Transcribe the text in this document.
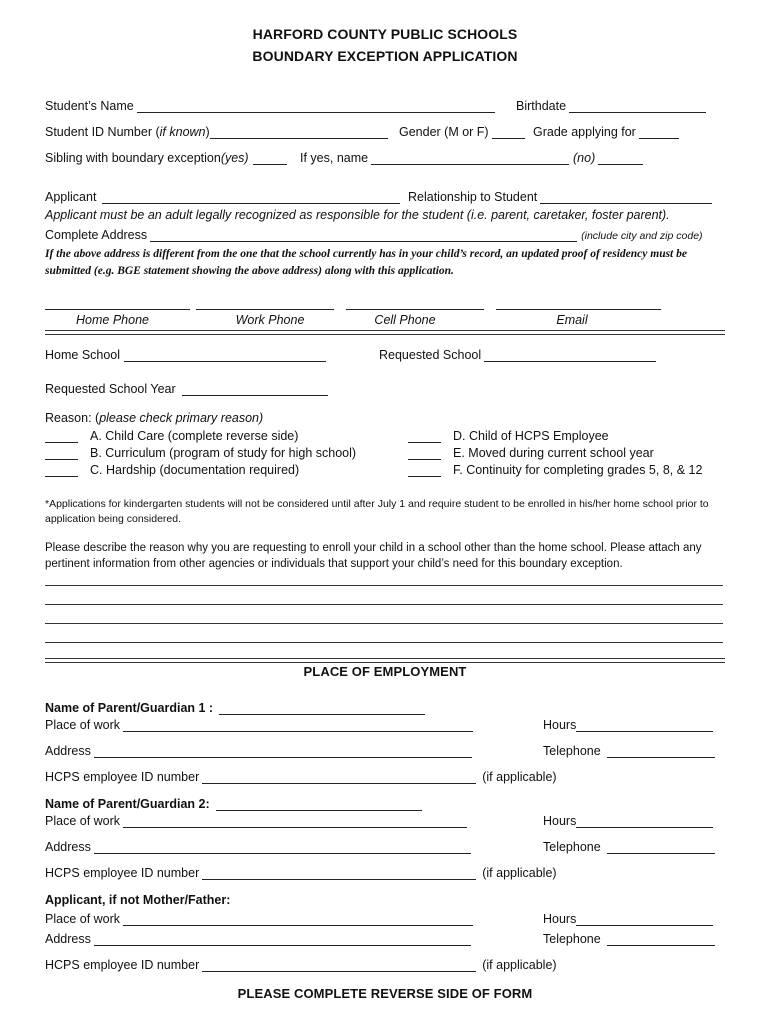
HARFORD COUNTY PUBLIC SCHOOLS
BOUNDARY EXCEPTION APPLICATION
Student’s Name	Birthdate
Student ID Number ( if known )	Gender (M or F)	Grade applying for
Sibling with boundary exception (yes)	If yes, name	(no)
Applicant	Relationship to Student
Applicant must be an adult legally recognized as responsible for the student (i.e. parent, caretaker, foster parent).
Complete Address	(include city and zip code)
If the above address is different from the one that the school currently has in your child’s record, an updated proof of residency must be submitted (e.g. BGE statement showing the above address) along with this application.
Home Phone	Work Phone	Cell Phone	Email
Home School	Requested School
Requested School Year
Reason: (please check primary reason)
A. Child Care (complete reverse side)
B. Curriculum (program of study for high school)
C. Hardship (documentation required)
D. Child of HCPS Employee
E. Moved during current school year
F. Continuity for completing grades 5, 8, & 12
*Applications for kindergarten students will not be considered until after July 1 and require student to be enrolled in his/her home school prior to application being considered.
Please describe the reason why you are requesting to enroll your child in a school other than the home school. Please attach any pertinent information from other agencies or individuals that support your child’s need for this boundary exception.
PLACE OF EMPLOYMENT
Name of Parent/Guardian 1 :
Place of work	Hours
Address	Telephone
HCPS employee ID number	(if applicable)
Name of Parent/Guardian 2:
Place of work	Hours
Address	Telephone
HCPS employee ID number	(if applicable)
Applicant, if not Mother/Father:
Place of work	Hours
Address	Telephone
HCPS employee ID number	(if applicable)
PLEASE COMPLETE REVERSE SIDE OF FORM
